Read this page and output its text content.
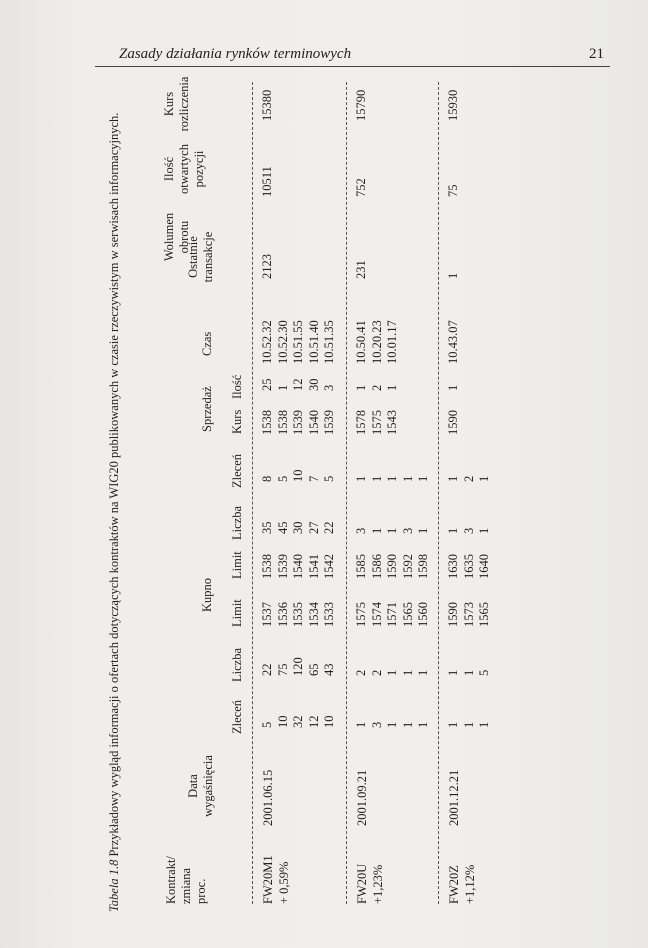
Zasady działania rynków terminowych	21
Tabela 1.8 Przykładowy wygląd informacji o ofertach dotyczących kontraktów na WIG20 publikowanych w czasie rzeczywistym w serwisach informacyjnych.
Kontrakt/ zmiana proc.
Data wygaśnięcia
Kupno
Sprzedaż
Ostatnie transakcje
Wolumen obrotu
Ilość otwartych pozycji
Kurs rozliczenia
Zleceń
Liczba
Limit
Limit
Liczba
Zleceń
Kurs
Ilość
Czas
FW20M1 + 0,59%
2001.06.15
5
10
32
12
10
22
75
120
65
43
1537
1536
1535
1534
1533
1538
1539
1540
1541
1542
35
45
30
27
22
8
5
10
7
5
1538
1538
1539
1540
1539
25
1
12
30
3
10.52.32
10.52.30
10.51.55
10.51.40
10.51.35
2123
10511
15380
FW20U +1,23%
2001.09.21
1
3
1
1
1
2
2
1
1
1
1575
1574
1571
1565
1560
1585
1586
1590
1592
1598
3
1
1
3
1
1
1
1
1
1
1578
1575
1543
1
2
1
10.50.41
10.20.23
10.01.17
231
752
15790
FW20Z +1,12%
2001.12.21
1
1
1
1
1
5
1590
1573
1565
1630
1635
1640
1
3
1
1
2
1
1590
1
10.43.07
1
75
15930
